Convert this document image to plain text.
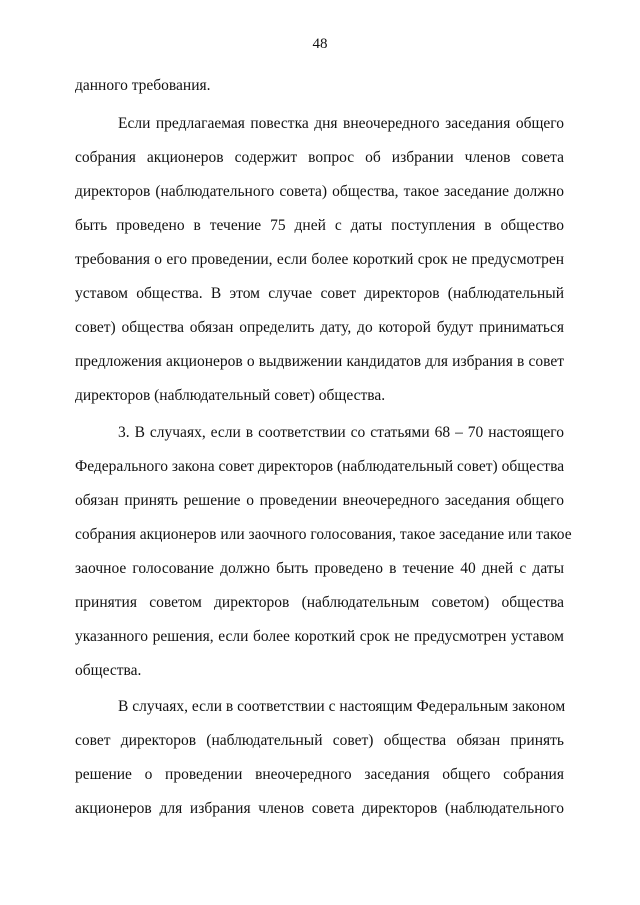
48
данного требования.
Если предлагаемая повестка дня внеочередного заседания общего
собрания акционеров содержит вопрос об избрании членов совета
директоров (наблюдательного совета) общества, такое заседание должно
быть проведено в течение 75 дней с даты поступления в общество
требования о его проведении, если более короткий срок не предусмотрен
уставом общества. В этом случае совет директоров (наблюдательный
совет) общества обязан определить дату, до которой будут приниматься
предложения акционеров о выдвижении кандидатов для избрания в совет
директоров (наблюдательный совет) общества.
3. В случаях, если в соответствии со статьями 68 – 70 настоящего
Федерального закона совет директоров (наблюдательный совет) общества
обязан принять решение о проведении внеочередного заседания общего
собрания акционеров или заочного голосования, такое заседание или такое
заочное голосование должно быть проведено в течение 40 дней с даты
принятия советом директоров (наблюдательным советом) общества
указанного решения, если более короткий срок не предусмотрен уставом
общества.
В случаях, если в соответствии с настоящим Федеральным законом
совет директоров (наблюдательный совет) общества обязан принять
решение о проведении внеочередного заседания общего собрания
акционеров для избрания членов совета директоров (наблюдательного
